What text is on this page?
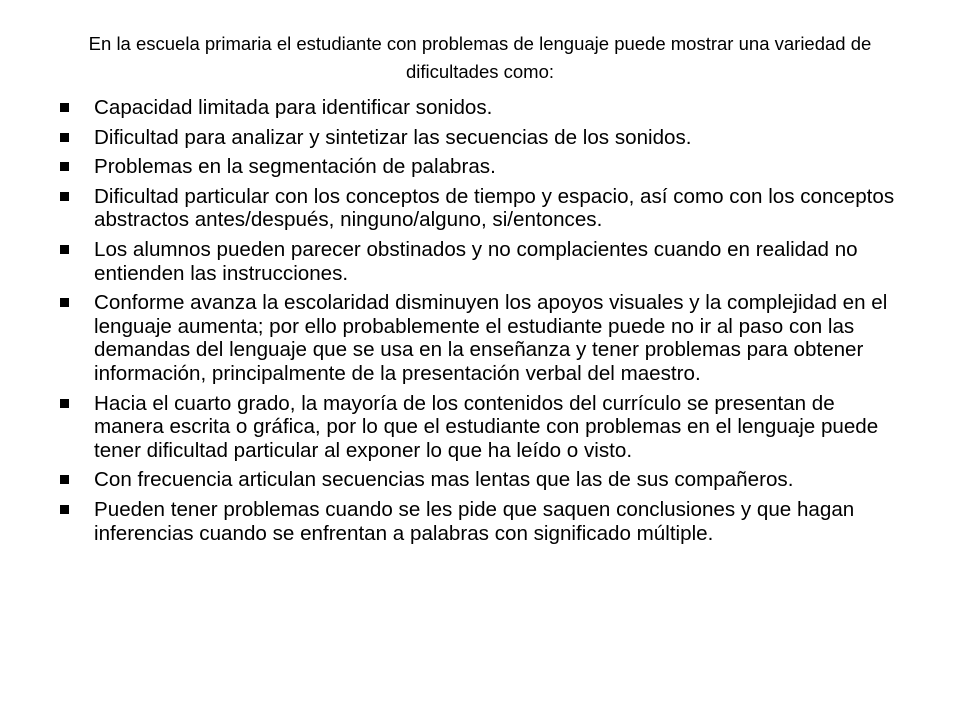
En la escuela primaria el estudiante con problemas de lenguaje puede mostrar una variedad de dificultades como:
Capacidad limitada para identificar sonidos.
Dificultad para analizar y sintetizar las secuencias de los sonidos.
Problemas en la segmentación de palabras.
Dificultad particular con los conceptos de tiempo y espacio, así como con los conceptos abstractos antes/después, ninguno/alguno, si/entonces.
Los alumnos pueden parecer obstinados y no complacientes cuando en realidad no entienden las instrucciones.
Conforme avanza la escolaridad disminuyen los apoyos visuales y la complejidad en el lenguaje aumenta; por ello probablemente el estudiante puede no ir al paso con las demandas del lenguaje que se usa en la enseñanza y tener problemas para obtener información, principalmente de la presentación verbal del maestro.
Hacia el cuarto grado, la mayoría de los contenidos del currículo se presentan de manera escrita o gráfica, por lo que el estudiante con problemas en el lenguaje puede tener dificultad particular al exponer lo que ha leído o visto.
Con frecuencia articulan secuencias mas lentas que las de sus compañeros.
Pueden tener problemas cuando se les pide que saquen conclusiones y que hagan inferencias cuando se enfrentan a palabras con significado múltiple.
